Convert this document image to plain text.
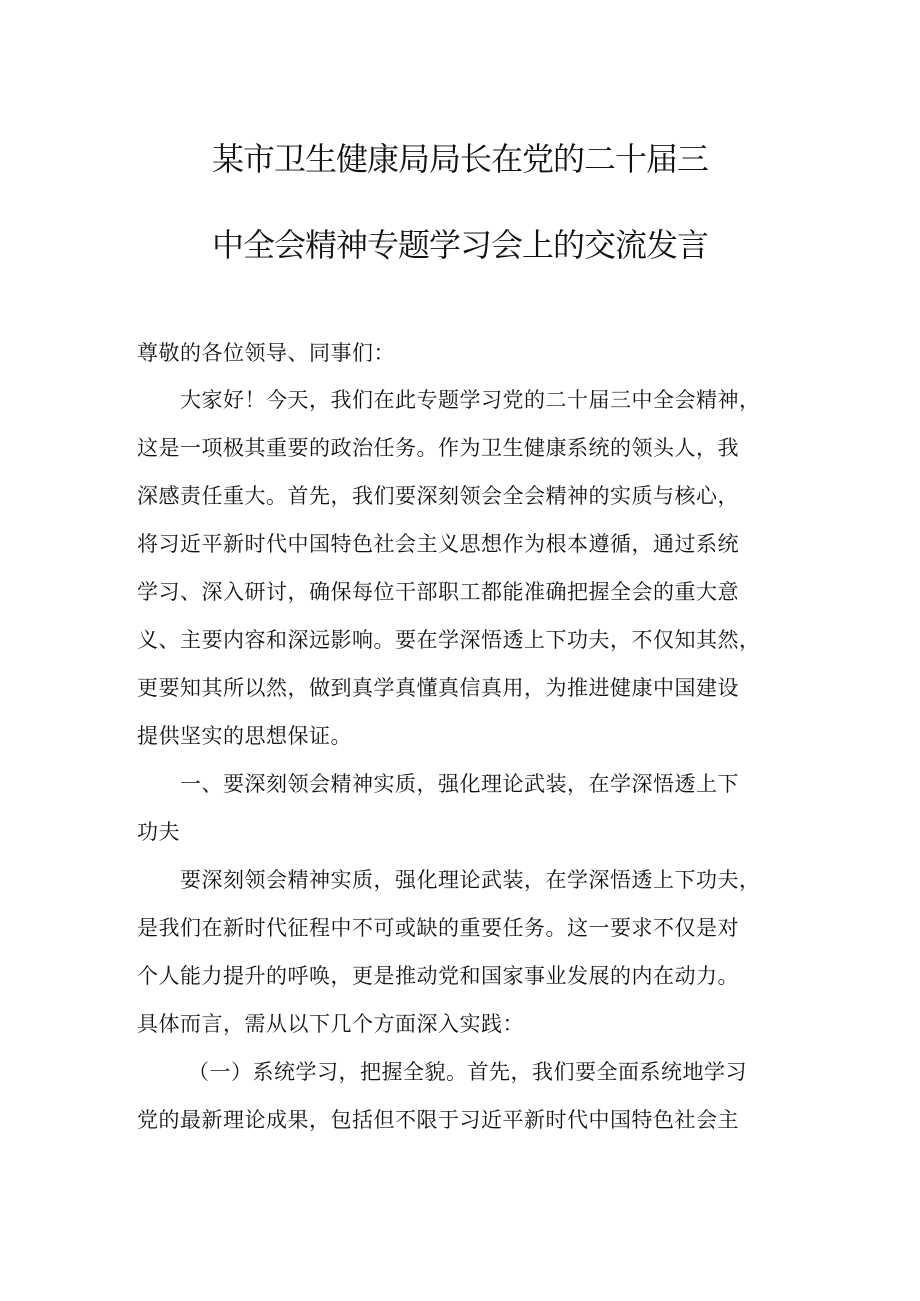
某市卫生健康局局长在党的二十届三
中全会精神专题学习会上的交流发言
尊敬的各位领导、同事们：
大家好！今天，我们在此专题学习党的二十届三中全会精神，
这是一项极其重要的政治任务。作为卫生健康系统的领头人，我
深感责任重大。首先，我们要深刻领会全会精神的实质与核心，
将习近平新时代中国特色社会主义思想作为根本遵循，通过系统
学习、深入研讨，确保每位干部职工都能准确把握全会的重大意
义、主要内容和深远影响。要在学深悟透上下功夫，不仅知其然，
更要知其所以然，做到真学真懂真信真用，为推进健康中国建设
提供坚实的思想保证。
一、要深刻领会精神实质，强化理论武装，在学深悟透上下
功夫
要深刻领会精神实质，强化理论武装，在学深悟透上下功夫，
是我们在新时代征程中不可或缺的重要任务。这一要求不仅是对
个人能力提升的呼唤，更是推动党和国家事业发展的内在动力。
具体而言，需从以下几个方面深入实践：
（一）系统学习，把握全貌。首先，我们要全面系统地学习
党的最新理论成果，包括但不限于习近平新时代中国特色社会主
